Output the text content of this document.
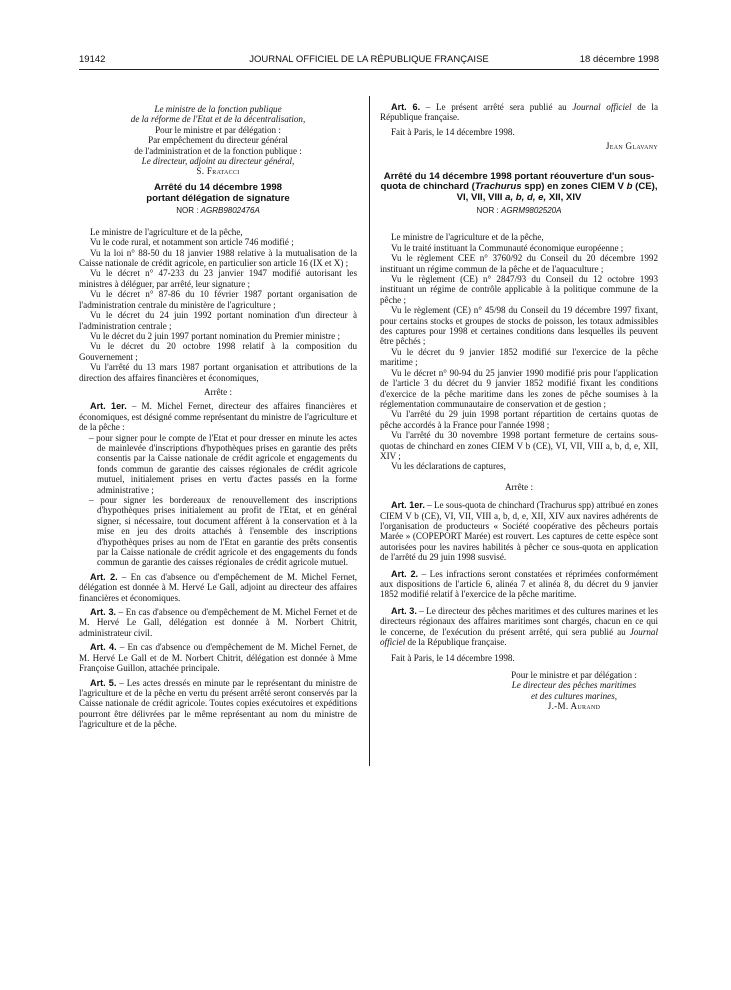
19142	JOURNAL OFFICIEL DE LA RÉPUBLIQUE FRANÇAISE	18 décembre 1998

Le ministre de la fonction publique

de la réforme de l'Etat et de la décentralisation,

Pour le ministre et par délégation :

Par empêchement du directeur général

de l'administration et de la fonction publique :

Le directeur, adjoint au directeur général,

S. Fratacci

Arrêté du 14 décembre 1998

portant délégation de signature

NOR : AGRB9802476A

Le ministre de l'agriculture et de la pêche,

Vu le code rural, et notamment son article 746 modifié ;

Vu la loi n° 88-50 du 18 janvier 1988 relative à la mutualisation de la Caisse nationale de crédit agricole, en particulier son article 16 (IX et X) ;

Vu le décret n° 47-233 du 23 janvier 1947 modifié autorisant les ministres à déléguer, par arrêté, leur signature ;

Vu le décret n° 87-86 du 10 février 1987 portant organisation de l'administration centrale du ministère de l'agriculture ;

Vu le décret du 24 juin 1992 portant nomination d'un directeur à l'administration centrale ;

Vu le décret du 2 juin 1997 portant nomination du Premier ministre ;

Vu le décret du 20 octobre 1998 relatif à la composition du Gouvernement ;

Vu l'arrêté du 13 mars 1987 portant organisation et attributions de la direction des affaires financières et économiques,

Arrête :

Art. 1er. – M. Michel Fernet, directeur des affaires financières et économiques, est désigné comme représentant du ministre de l'agriculture et de la pêche :

– pour signer pour le compte de l'Etat et pour dresser en minute les actes de mainlevée d'inscriptions d'hypothèques prises en garantie des prêts consentis par la Caisse nationale de crédit agricole et engagements du fonds commun de garantie des caisses régionales de crédit agricole mutuel, initialement prises en vertu d'actes passés en la forme administrative ;
– pour signer les bordereaux de renouvellement des inscriptions d'hypothèques prises initialement au profit de l'Etat, et en général signer, si nécessaire, tout document afférent à la conservation et à la mise en jeu des droits attachés à l'ensemble des inscriptions d'hypothèques prises au nom de l'Etat en garantie des prêts consentis par la Caisse nationale de crédit agricole et des engagements du fonds commun de garantie des caisses régionales de crédit agricole mutuel.

Art. 2. – En cas d'absence ou d'empêchement de M. Michel Fernet, délégation est donnée à M. Hervé Le Gall, adjoint au directeur des affaires financières et économiques.

Art. 3. – En cas d'absence ou d'empêchement de M. Michel Fernet et de M. Hervé Le Gall, délégation est donnée à M. Norbert Chitrit, administrateur civil.

Art. 4. – En cas d'absence ou d'empêchement de M. Michel Fernet, de M. Hervé Le Gall et de M. Norbert Chitrit, délégation est donnée à Mme Françoise Guillon, attachée principale.

Art. 5. – Les actes dressés en minute par le représentant du ministre de l'agriculture et de la pêche en vertu du présent arrêté seront conservés par la Caisse nationale de crédit agricole. Toutes copies exécutoires et expéditions pourront être délivrées par le même représentant au nom du ministre de l'agriculture et de la pêche.

Art. 6. – Le présent arrêté sera publié au Journal officiel de la République française.

Fait à Paris, le 14 décembre 1998.

Jean Glavany

Arrêté du 14 décembre 1998 portant réouverture d'un sous-quota de chinchard (Trachurus spp) en zones CIEM V b (CE), VI, VII, VIII a, b, d, e, XII, XIV

NOR : AGRM9802520A

Le ministre de l'agriculture et de la pêche,

Vu le traité instituant la Communauté économique européenne ;

Vu le règlement CEE n° 3760/92 du Conseil du 20 décembre 1992 instituant un régime commun de la pêche et de l'aquaculture ;

Vu le règlement (CE) n° 2847/93 du Conseil du 12 octobre 1993 instituant un régime de contrôle applicable à la politique commune de la pêche ;

Vu le règlement (CE) n° 45/98 du Conseil du 19 décembre 1997 fixant, pour certains stocks et groupes de stocks de poisson, les totaux admissibles des captures pour 1998 et certaines conditions dans lesquelles ils peuvent être pêchés ;

Vu le décret du 9 janvier 1852 modifié sur l'exercice de la pêche maritime ;

Vu le décret n° 90-94 du 25 janvier 1990 modifié pris pour l'application de l'article 3 du décret du 9 janvier 1852 modifié fixant les conditions d'exercice de la pêche maritime dans les zones de pêche soumises à la réglementation communautaire de conservation et de gestion ;

Vu l'arrêté du 29 juin 1998 portant répartition de certains quotas de pêche accordés à la France pour l'année 1998 ;

Vu l'arrêté du 30 novembre 1998 portant fermeture de certains sous-quotas de chinchard en zones CIEM V b (CE), VI, VII, VIII a, b, d, e, XII, XIV ;

Vu les déclarations de captures,

Arrête :

Art. 1er. – Le sous-quota de chinchard (Trachurus spp) attribué en zones CIEM V b (CE), VI, VII, VIII a, b, d, e, XII, XIV aux navires adhérents de l'organisation de producteurs « Société coopérative des pêcheurs portais Marée » (COPEPORT Marée) est rouvert. Les captures de cette espèce sont autorisées pour les navires habilités à pêcher ce sous-quota en application de l'arrêté du 29 juin 1998 susvisé.

Art. 2. – Les infractions seront constatées et réprimées conformément aux dispositions de l'article 6, alinéa 7 et alinéa 8, du décret du 9 janvier 1852 modifié relatif à l'exercice de la pêche maritime.

Art. 3. – Le directeur des pêches maritimes et des cultures marines et les directeurs régionaux des affaires maritimes sont chargés, chacun en ce qui le concerne, de l'exécution du présent arrêté, qui sera publié au Journal officiel de la République française.

Fait à Paris, le 14 décembre 1998.

Pour le ministre et par délégation :

Le directeur des pêches maritimes

et des cultures marines,

J.-M. Aurand
